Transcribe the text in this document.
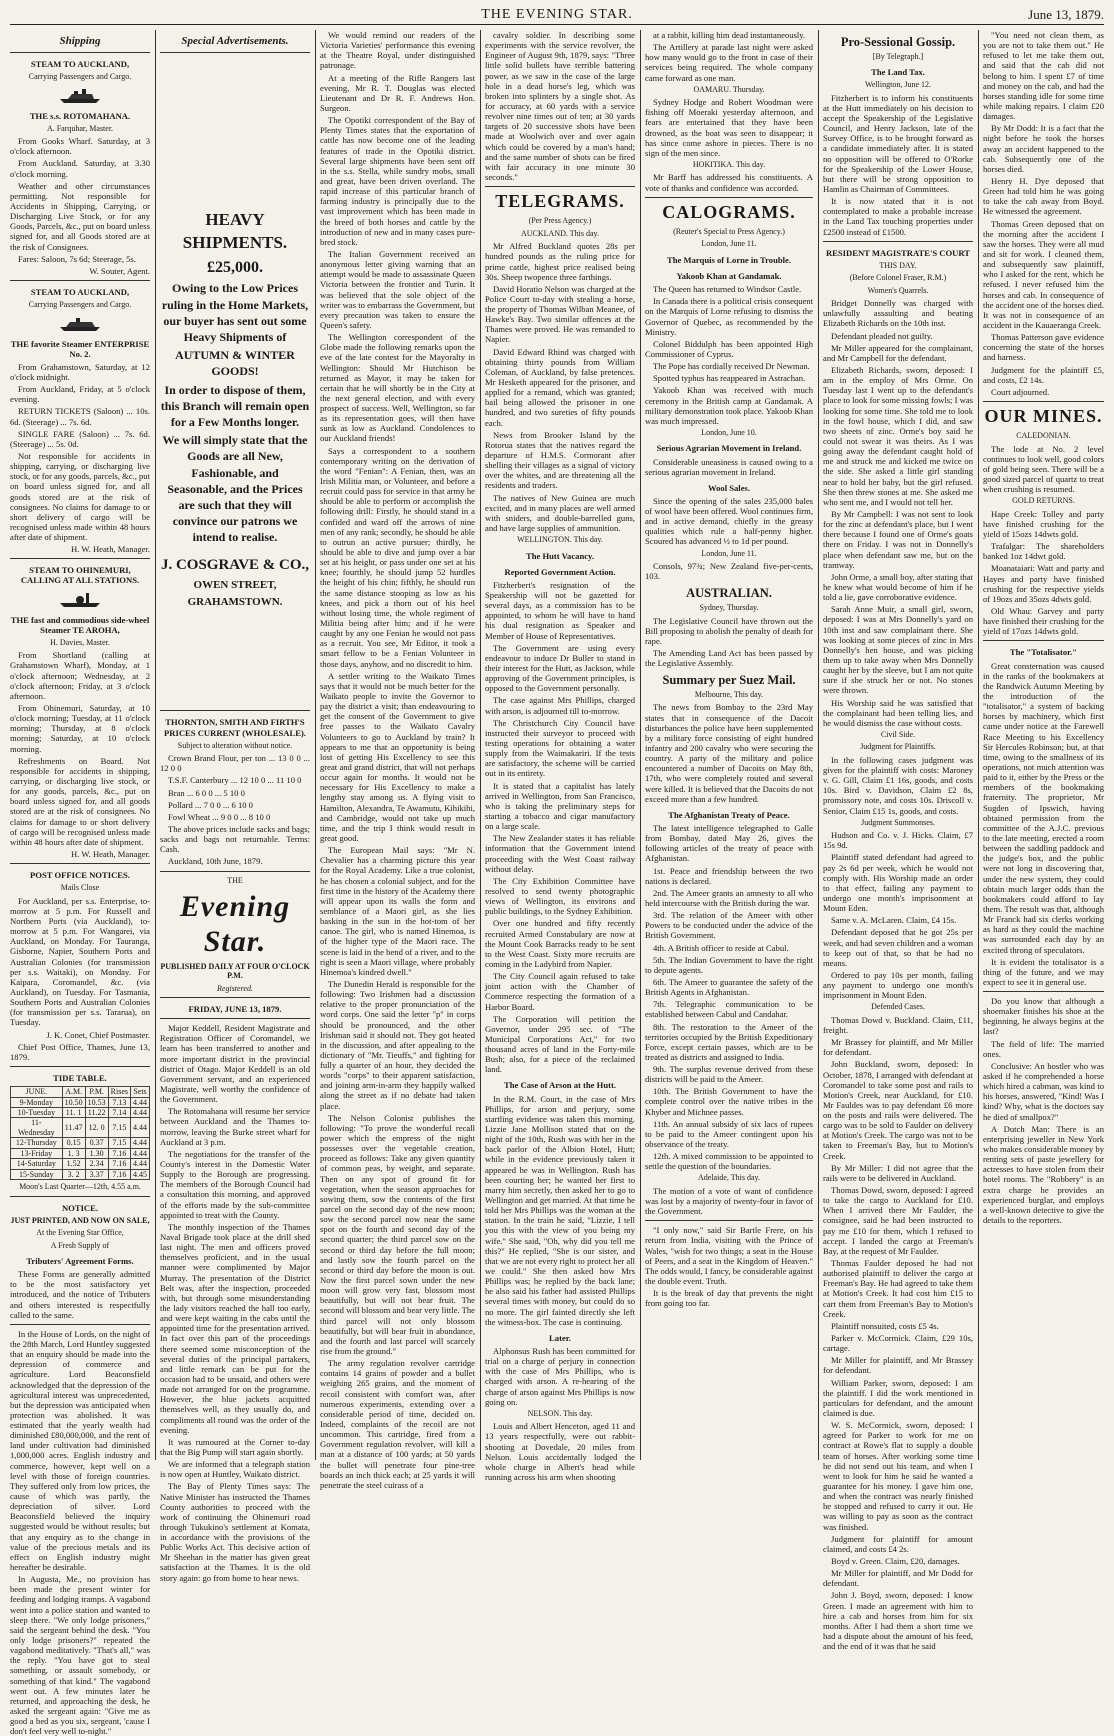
THE EVENING STAR.	June 13, 1879.

Shipping

STEAM TO AUCKLAND,

Carrying Passengers and Cargo.

THE s.s. ROTOMAHANA.

A. Farquhar, Master.

From Gooks Wharf. Saturday, at 3 o'clock afternoon.

From Auckland. Saturday, at 3.30 o'clock morning.

Weather and other circumstances permitting. Not responsible for Accidents in Shipping, Carrying, or Discharging Live Stock, or for any Goods, Parcels, &c., put on board unless signed for, and all Goods stored are at the risk of Consignees.

Fares: Saloon, 7s 6d; Steerage, 5s.

W. Souter, Agent.

STEAM TO AUCKLAND,

Carrying Passengers and Cargo.

THE favorite Steamer ENTERPRISE No. 2.

From Grahamstown, Saturday, at 12 o'clock midnight.

From Auckland, Friday, at 5 o'clock evening.

RETURN TICKETS (Saloon) ... 10s. 6d. (Steerage) ... 7s. 6d.

SINGLE FARE (Saloon) ... 7s. 6d. (Steerage) ... 5s. 0d.

Not responsible for accidents in shipping, carrying, or discharging live stock, or for any goods, parcels, &c., put on board unless signed for, and all goods stored are at the risk of consignees. No claims for damage to or short delivery of cargo will be recognised unless made within 48 hours after date of shipment.

H. W. Heath, Manager.

STEAM TO OHINEMURI, CALLING AT ALL STATIONS.

THE fast and commodious side-wheel Steamer TE AROHA,

H. Davies, Master.

From Shortland (calling at Grahamstown Wharf), Monday, at 1 o'clock afternoon; Wednesday, at 2 o'clock afternoon; Friday, at 3 o'clock afternoon.

From Ohinemuri, Saturday, at 10 o'clock morning; Tuesday, at 11 o'clock morning; Thursday, at 8 o'clock morning; Saturday, at 10 o'clock morning.

Refreshments on Board. Not responsible for accidents in shipping, carrying, or discharging live stock, or for any goods, parcels, &c., put on board unless signed for, and all goods stored are at the risk of consignees. No claims for damage to or short delivery of cargo will be recognised unless made within 48 hours after date of shipment.

H. W. Heath, Manager.

POST OFFICE NOTICES.

Mails Close

For Auckland, per s.s. Enterprise, to-morrow at 5 p.m. For Russell and Northern Ports (via Auckland), to-morrow at 5 p.m. For Wangarei, via Auckland, on Monday. For Tauranga, Gisborne, Napier, Southern Ports and Australian Colonies (for transmission per s.s. Waitaki), on Monday. For Kaipara, Coromandel, &c. (via Auckland), on Tuesday. For Tasmania, Southern Ports and Australian Colonies (for transmission per s.s. Tararua), on Tuesday.

J. K. Conet, Chief Postmaster.

Chief Post Office, Thames, June 13, 1879.

TIDE TABLE.

JUNE.	A.M.	P.M.	Rises	Sets
9-Monday	10.50	10.53	7.13	4.44
10-Tuesday	11. 1	11.22	7.14	4.44
11-Wednesday	11.47	12. 0	7.15	4.44
12-Thursday	0.15	0.37	7.15	4.44
13-Friday	1. 3	1.30	7.16	4.44
14-Saturday	1.52	2.34	7.16	4.44
15-Sunday	3. 2	3.37	7.16	4.45

Moon's Last Quarter—12th, 4.55 a.m.

NOTICE.

JUST PRINTED, AND NOW ON SALE,

At the Evening Star Office,

A Fresh Supply of

Tributers' Agreement Forms.

These Forms are generally admitted to be the most satisfactory yet introduced, and the notice of Tributers and others interested is respectfully called to the same.

In the House of Lords, on the night of the 28th March, Lord Huntley suggested that an enquiry should be made into the depression of commerce and agriculture. Lord Beaconsfield acknowledged that the depression of the agricultural interest was unprecedented, but the depression was anticipated when protection was abolished. It was estimated that the yearly wealth had diminished £80,000,000, and the rent of land under cultivation had diminished 1,000,000 acres. English industry and commerce, however, kept well on a level with those of foreign countries. They suffered only from low prices, the cause of which was partly, the depreciation of silver. Lord Beaconsfield believed the inquiry suggested would be without results; but that any enquiry as to the change in value of the precious metals and its effect on English industry might hereafter be desirable.

In Augusta, Me., no provision has been made the present winter for feeding and lodging tramps. A vagabond went into a police station and wanted to sleep there. "We only lodge prisoners," said the sergeant behind the desk. "You only lodge prisoners?" repeated the vagabond meditatively. "That's all," was the reply. "You have got to steal something, or assault somebody, or something of that kind." The vagabond went out. A few minutes later he returned, and approaching the desk, he asked the sergeant again: "Give me as good a bed as you six, sergeant, 'cause I don't feel very well to-night."

Special Advertisements.

HEAVY SHIPMENTS.

£25,000.

Owing to the Low Prices ruling in the Home Markets, our buyer has sent out some Heavy Shipments of

AUTUMN & WINTER GOODS!

In order to dispose of them, this Branch will remain open for a Few Months longer.

We will simply state that the Goods are all New, Fashionable, and Seasonable, and the Prices are such that they will convince our patrons we intend to realise.

J. COSGRAVE & CO.,

OWEN STREET,

GRAHAMSTOWN.

THORNTON, SMITH AND FIRTH'S PRICES CURRENT (WHOLESALE).

Subject to alteration without notice.

Crown Brand Flour, per ton ... 13 0 0 ... 12 0 0

T.S.F. Canterbury ... 12 10 0 ... 11 10 0

Bran ... 6 0 0 ... 5 10 0

Pollard ... 7 0 0 ... 6 10 0

Fowl Wheat ... 9 0 0 ... 8 10 0

The above prices include sacks and bags; sacks and bags not returnable. Terms: Cash.

Auckland, 10th June, 1879.

THE

Evening Star.

PUBLISHED DAILY AT FOUR O'CLOCK P.M.

Registered.

FRIDAY, JUNE 13, 1879.

Major Keddell, Resident Magistrate and Registration Officer of Coromandel, we learn has been transferred to another and more important district in the provincial district of Otago. Major Keddell is an old Government servant, and an experienced Magistrate, well worthy the confidence of the Government.

The Rotomahana will resume her service between Auckland and the Thames to-morrow, leaving the Burke street wharf for Auckland at 3 p.m.

The negotiations for the transfer of the County's interest in the Domestic Water Supply to the Borough are progressing. The members of the Borough Council had a consultation this morning, and approved of the efforts made by the sub-committee appointed to treat with the County.

The monthly inspection of the Thames Naval Brigade took place at the drill shed last night. The men and officers proved themselves proficient, and in the usual manner were complimented by Major Murray. The presentation of the District Belt was, after the inspection, proceeded with, but through some misunderstanding the lady visitors reached the hall too early, and were kept waiting in the cabs until the appointed time for the presentation arrived. In fact over this part of the proceedings there seemed some misconception of the several duties of the principal partakers, and little remark can be put for the occasion had to be unsaid, and others were made not arranged for on the programme. However, the blue jackets acquitted themselves well, as they usually do, and compliments all round was the order of the evening.

It was rumoured at the Corner to-day that the Big Pump will start again shortly.

We are informed that a telegraph station is now open at Huntley, Waikato district.

The Bay of Plenty Times says: The Native Minister has instructed the Thames County authorities to proceed with the work of continuing the Ohinemuri road through Tukukino's settlement at Komata, in accordance with the provisions of the Public Works Act. This decisive action of Mr Sheehan in the matter has given great satisfaction at the Thames. It is the old story again: go from home to hear news.

We would remind our readers of the Victoria Varieties' performance this evening at the Theatre Royal, under distinguished patronage.

At a meeting of the Rifle Rangers last evening, Mr R. T. Douglas was elected Lieutenant and Dr R. F. Andrews Hon. Surgeon.

The Opotiki correspondent of the Bay of Plenty Times states that the exportation of cattle has now become one of the leading features of trade in the Opotiki district. Several large shipments have been sent off in the s.s. Stella, while sundry mobs, small and great, have been driven overland. The rapid increase of this particular branch of farming industry is principally due to the vast improvement which has been made in the breed of both horses and cattle by the introduction of new and in many cases pure-bred stock.

The Italian Government received an anonymous letter giving warning that an attempt would be made to assassinate Queen Victoria between the frontier and Turin. It was believed that the sole object of the writer was to embarrass the Government, but every precaution was taken to ensure the Queen's safety.

The Wellington correspondent of the Globe made the following remarks upon the eve of the late contest for the Mayoralty in Wellington: Should Mr Hutchison be returned as Mayor, it may be taken for certain that he will shortly be in the City at the next general election, and with every prospect of success. Well, Wellington, so far as its representation goes, will then have sunk as low as Auckland. Condolences to our Auckland friends!

Says a correspondent to a southern contemporary writing on the derivation of the word "Fenian": A Fenian, then, was an Irish Militia man, or Volunteer, and before a recruit could pass for service in that army he should be able to perform or accomplish the following drill: Firstly, he should stand in a confided and ward off the arrows of nine men of any rank; secondly, he should be able to outrun an active pursuer; thirdly, he should be able to dive and jump over a bar set at his height, or pass under one set at his knee; fourthly, he should jump 52 hurdles the height of his chin; fifthly, he should run the same distance stooping as low as his knees, and pick a thorn out of his heel without losing time, the whole regiment of Militia being after him; and if he were caught by any one Fenian he would not pass as a recruit. You see, Mr Editor, it took a smart fellow to be a Fenian Volunteer in those days, anyhow, and no discredit to him.

A settler writing to the Waikato Times says that it would not be much better for the Waikato people to invite the Governor to pay the district a visit; than endeavouring to get the consent of the Government to give free passes to the Waikato Cavalry Volunteers to go to Auckland by train? It appears to me that an opportunity is being lost of getting His Excellency to see this great and grand district, that will not perhaps occur again for months. It would not be necessary for His Excellency to make a lengthy stay among us. A flying visit to Hamilton, Alexandra, Te Awamutu, Kihikihi, and Cambridge, would not take up much time, and the trip I think would result in great good.

The European Mail says: "Mr N. Chevalier has a charming picture this year for the Royal Academy. Like a true colonist, he has chosen a colonial subject, and for the first time in the history of the Academy there will appear upon its walls the form and semblance of a Maori girl, as she lies basking in the sun in the hot-tom of her canoe. The girl, who is named Hinemoa, is of the higher type of the Maori race. The scene is laid in the bend of a river, and to the right is seen a Maori village, where probably Hinemoa's kindred dwell."

The Dunedin Herald is responsible for the following: Two Irishmen had a discussion relative to the proper pronunciation of the word corps. One said the letter "p" in corps should be pronounced, and the other Irishman said it should not. They got heated in the discussion, and after appealing to the dictionary of "Mr. Tieuffs," and fighting for fully a quarter of an hour, they decided the words "corps" to their apparent satisfaction, and joining arm-in-arm they happily walked along the street as if no debate had taken place.

The Nelson Colonist publishes the following: "To prove the wonderful recall power which the empress of the night possesses over the vegetable creation, proceed as follows: Take any given quantity of common peas, by weight, and separate. Then on any spot of ground fit for vegetation, when the season approaches for sowing them, sow the contents of the first parcel on the second day of the new moon; sow the second parcel now near the same spot on the fourth and second day of the second quarter; the third parcel sow on the second or third day before the full moon; and lastly sow the fourth parcel on the second or third day before the moon is out. Now the first parcel sown under the new moon will grow very fast, blossom most beautifully, but will not bear fruit. The second will blossom and bear very little. The third parcel will not only blossom beautifully, but will bear fruit in abundance, and the fourth and last parcel will scarcely rise from the ground."

The army regulation revolver cartridge contains 14 grains of powder and a bullet weighing 265 grains, and the moment of recoil consistent with comfort was, after numerous experiments, extending over a considerable period of time, decided on. Indeed, complaints of the recoil are not uncommon. This cartridge, fired from a Government regulation revolver, will kill a man at a distance of 100 yards; at 50 yards the bullet will penetrate four pine-tree boards an inch thick each; at 25 yards it will penetrate the steel cuirass of a

cavalry soldier. In describing some experiments with the service revolver, the Engineer of August 9th, 1879, says: "Three little solid bullets have terrible battering power, as we saw in the case of the large hole in a dead horse's leg, which was broken into splinters by a single shot. As for accuracy, at 60 yards with a service revolver nine times out of ten; at 30 yards targets of 20 successive shots have been made at Woolwich over and over again which could be covered by a man's hand; and the same number of shots can be fired with fair accuracy in one minute 30 seconds."

TELEGRAMS.

(Per Press Agency.)

AUCKLAND. This day.

Mr Alfred Buckland quotes 28s per hundred pounds as the ruling price for prime cattle, highest price realised being 30s. Sheep twopence three farthings.

David Horatio Nelson was charged at the Police Court to-day with stealing a horse, the property of Thomas Wilban Meanee, of Hawke's Bay. Two similar offences at the Thames were proved. He was remanded to Napier.

David Edward Rhind was charged with obtaining thirty pounds from William Coleman, of Auckland, by false pretences. Mr Hesketh appeared for the prisoner, and applied for a remand, which was granted; bail being allowed the prisoner in one hundred, and two sureties of fifty pounds each.

News from Brooker Island by the Rotorua states that the natives regard the departure of H.M.S. Cormorant after shelling their villages as a signal of victory over the whites, and are threatening all the residents and traders.

The natives of New Guinea are much excited, and in many places are well armed with sniders, and double-barrelled guns, and have large supplies of ammunition.

WELLINGTON. This day.

The Hutt Vacancy.

Reported Government Action.

Fitzherbert's resignation of the Speakership will not be gazetted for several days, as a commission has to be appointed, to whom he will have to hand his dual resignation as Speaker and Member of House of Representatives.

The Government are using every endeavour to induce Dr Buller to stand in their interest for the Hutt, as Jackson, while approving of the Government principles, is opposed to the Government personally.

The case against Mrs Phillips, charged with arson, is adjourned till to-morrow.

The Christchurch City Council have instructed their surveyor to proceed with testing operations for obtaining a water supply from the Waimakariri. If the tests are satisfactory, the scheme will be carried out in its entirety.

It is stated that a capitalist has lately arrived in Wellington, from San Francisco, who is taking the preliminary steps for starting a tobacco and cigar manufactory on a large scale.

The New Zealander states it has reliable information that the Government intend proceeding with the West Coast railway without delay.

The City Exhibition Committee have resolved to send twenty photographic views of Wellington, its environs and public buildings, to the Sydney Exhibition.

Over one hundred and fifty recently recruited Armed Constabulary are now at the Mount Cook Barracks ready to be sent to the West Coast. Sixty more recruits are coming in the Ladybird from Napier.

The City Council again refused to take joint action with the Chamber of Commerce respecting the formation of a Harbor Board.

The Corporation will petition the Governor, under 295 sec. of "The Municipal Corporations Act," for two thousand acres of land in the Forty-mile Bush; also, for a piece of the reclaimed land.

The Case of Arson at the Hutt.

In the R.M. Court, in the case of Mrs Phillips, for arson and perjury, some startling evidence was taken this morning. Lizzie Jane Mollison stated that on the night of the 10th, Rush was with her in the back parlor of the Albion Hotel, Hutt; while in the evidence previously taken it appeared he was in Wellington. Rush has been courting her; he wanted her first to marry him secretly, then asked her to go to Wellington and get married. At that time he told her Mrs Phillips was the woman at the station. In the train he said, "Lizzie, I tell you this with the view of you being my wife." She said, "Oh, why did you tell me this?" He replied, "She is our sister, and that we are not every right to protect her all we could." She then asked how Mrs Phillips was; he replied by the back lane; he also said his father had assisted Phillips several times with money, but could do so no more. The girl fainted directly she left the witness-box. The case is continuing.

Later.

Alphonsus Rush has been committed for trial on a charge of perjury in connection with the case of Mrs Phillips, who is charged with arson. A re-hearing of the charge of arson against Mrs Phillips is now going on.

NELSON. This day.

Louis and Albert Henceton, aged 11 and 13 years respectfully, were out rabbit-shooting at Dovedale, 20 miles from Nelson. Louis accidentally lodged the whole charge in Albert's head while running across his arm when shooting

at a rabbit, killing him dead instantaneously.

The Artillery at parade last night were asked how many would go to the front in case of their services being required. The whole company came forward as one man.

OAMARU. Thursday.

Sydney Hodge and Robert Woodman were fishing off Moeraki yesterday afternoon, and fears are entertained that they have been drowned, as the boat was seen to disappear; it has since come ashore in pieces. There is no sign of the men since.

HOKITIKA. This day.

Mr Barff has addressed his constituents. A vote of thanks and confidence was accorded.

CALOGRAMS.

(Reuter's Special to Press Agency.)

London, June 11.

The Marquis of Lorne in Trouble.

Yakoob Khan at Gandamak.

The Queen has returned to Windsor Castle.

In Canada there is a political crisis consequent on the Marquis of Lorne refusing to dismiss the Governor of Quebec, as recommended by the Ministry.

Colonel Biddulph has been appointed High Commissioner of Cyprus.

The Pope has cordially received Dr Newman.

Spotted typhus has reappeared in Astrachan.

Yakoob Khan was received with much ceremony in the British camp at Gandamak. A military demonstration took place. Yakoob Khan was much impressed.

London, June 10.

Serious Agrarian Movement in Ireland.

Considerable uneasiness is caused owing to a serious agrarian movement in Ireland.

Wool Sales.

Since the opening of the sales 235,000 bales of wool have been offered. Wool continues firm, and in active demand, chiefly in the greasy qualities which rule a half-penny higher. Scoured has advanced ½ to 1d per pound.

London, June 11.

Consols, 97¾; New Zealand five-per-cents, 103.

AUSTRALIAN.

Sydney, Thursday.

The Legislative Council have thrown out the Bill proposing to abolish the penalty of death for rape.

The Amending Land Act has been passed by the Legislative Assembly.

Summary per Suez Mail.

Melbourne, This day.

The news from Bombay to the 23rd May states that in consequence of the Dacoit disturbances the police have been supplemented by a military force consisting of eight hundred infantry and 200 cavalry who were securing the country. A party of the military and police encountered a number of Dacoits on May 8th, 17th, who were completely routed and several were killed. It is believed that the Dacoits do not exceed more than a few hundred.

The Afghanistan Treaty of Peace.

The latest intelligence telegraphed to Galle from Bombay, dated May 26, gives the following articles of the treaty of peace with Afghanistan.

1st. Peace and friendship between the two nations is declared.

2nd. The Ameer grants an amnesty to all who held intercourse with the British during the war.

3rd. The relation of the Ameer with other Powers to be conducted under the advice of the British Government.

4th. A British officer to reside at Cabul.

5th. The Indian Government to have the right to depute agents.

6th. The Ameer to guarantee the safety of the British Agents in Afghanistan.

7th. Telegraphic communication to be established between Cabul and Candahar.

8th. The restoration to the Ameer of the territories occupied by the British Expeditionary Force, except certain passes, which are to be treated as districts and assigned to India.

9th. The surplus revenue derived from these districts will be paid to the Ameer.

10th. The British Government to have the complete control over the native tribes in the Khyber and Michnee passes.

11th. An annual subsidy of six lacs of rupees to be paid to the Ameer contingent upon his observance of the treaty.

12th. A mixed commission to be appointed to settle the question of the boundaries.

Adelaide, This day.

The motion of a vote of want of confidence was lost by a majority of twenty-four in favor of the Government.

"I only now," said Sir Bartle Frere, on his return from India, visiting with the Prince of Wales, "wish for two things; a seat in the House of Peers, and a seat in the Kingdom of Heaven." The odds would, I fancy, be considerable against the double event. Truth.

It is the break of day that prevents the night from going too far.

Pro-Sessional Gossip.

[By Telegraph.]

The Land Tax.

Wellington, June 12.

Fitzherbert is to inform his constituents at the Hutt immediately on his decision to accept the Speakership of the Legislative Council, and Henry Jackson, late of the Survey Office, is to be brought forward as a candidate immediately after. It is stated no opposition will be offered to O'Rorke for the Speakership of the Lower House, but there will be strong opposition to Hamlin as Chairman of Committees.

It is now stated that it is not contemplated to make a probable increase in the Land Tax touching properties under £2500 instead of £1500.

RESIDENT MAGISTRATE'S COURT

THIS DAY.

(Before Colonel Fraser, R.M.)

Women's Quarrels.

Bridget Donnelly was charged with unlawfully assaulting and beating Elizabeth Richards on the 10th inst.

Defendant pleaded not guilty.

Mr Miller appeared for the complainant, and Mr Campbell for the defendant.

Elizabeth Richards, sworn, deposed: I am in the employ of Mrs Orme. On Tuesday last I went up to the defendant's place to look for some missing fowls; I was looking for some time. She told me to look in the fowl house, which I did, and saw two sheets of zinc. Orme's boy said he could not swear it was theirs. As I was going away the defendant caught hold of me and struck me and kicked me twice on the side. She asked a little girl standing near to hold her baby, but the girl refused. She then threw stones at me. She asked me who sent me, and I would not tell her.

By Mr Campbell: I was not sent to look for the zinc at defendant's place, but I went there because I found one of Orme's goats there on Friday. I was not in Donnelly's place when defendant saw me, but on the tramway.

John Orme, a small boy, after stating that he knew what would become of him if he told a lie, gave corroborative evidence.

Sarah Anne Muir, a small girl, sworn, deposed: I was at Mrs Donnelly's yard on 10th inst and saw complainant there. She was looking at some pieces of zinc in Mrs Donnelly's hen house, and was picking them up to take away when Mrs Donnelly caught her by the sleeve, but I am not quite sure if she struck her or not. No stones were thrown.

His Worship said he was satisfied that the complainant had been telling lies, and he would dismiss the case without costs.

Civil Side.

Judgment for Plaintiffs.

In the following cases judgment was given for the plaintiff with costs: Maroney v. G. Gill, Claim £1 16s, goods, and costs 10s. Bird v. Davidson, Claim £2 8s, promissory note, and costs 10s. Driscoll v. Senior, Claim £15 1s, goods, and costs.

Judgment Summonses.

Hudson and Co. v. J. Hicks. Claim, £7 15s 9d.

Plaintiff stated defendant had agreed to pay 2s 6d per week, which he would not comply with. His Worship made an order to that effect, failing any payment to undergo one month's imprisonment at Mount Eden.

Same v. A. McLaren. Claim, £4 15s.

Defendant deposed that he got 25s per week, and had seven children and a woman to keep out of that, so that he had no means.

Ordered to pay 10s per month, failing any payment to undergo one month's imprisonment in Mount Eden.

Defended Cases.

Thomas Dowd v. Buckland. Claim, £11, freight.

Mr Brassey for plaintiff, and Mr Miller for defendant.

John Buckland, sworn, deposed: In October, 1878, I arranged with defendant at Coromandel to take some post and rails to Motion's Creek, near Auckland, for £10. Mr Fauldes was to pay defendant £6 more on the posts and rails were delivered. The cargo was to be sold to Faulder on delivery at Motion's Creek. The cargo was not to be taken to Freeman's Bay, but to Motion's Creek.

By Mr Miller: I did not agree that the rails were to be delivered in Auckland.

Thomas Dowd, sworn, deposed: I agreed to take the cargo to Auckland for £10. When I arrived there Mr Faulder, the consignee, said he had been instructed to pay me £10 for them, which I refused to accept. I landed the cargo at Freeman's Bay, at the request of Mr Faulder.

Thomas Faulder deposed he had not authorised plaintiff to deliver the cargo at Freeman's Bay. He had agreed to take them at Motion's Creek. It had cost him £15 to cart them from Freeman's Bay to Motion's Creek.

Plaintiff nonsuited, costs £5 4s.

Parker v. McCormick. Claim, £29 10s, cartage.

Mr Miller for plaintiff, and Mr Brassey for defendant.

William Parker, sworn, deposed: I am the plaintiff. I did the work mentioned in particulars for defendant, and the amount claimed is due.

W. S. McCormick, sworn, deposed: I agreed for Parker to work for me on contract at Rowe's flat to supply a double team of horses. After working some time he did not send out his team, and when I went to look for him he said he wanted a guarantee for his money. I gave him one, and when the contract was nearly finished he stopped and refused to carry it out. He was willing to pay as soon as the contract was finished.

Judgment for plaintiff for amount claimed, and costs £4 2s.

Boyd v. Green. Claim, £20, damages.

Mr Miller for plaintiff, and Mr Dodd for defendant.

John J. Boyd, sworn, deposed: I know Green. I made an agreement with him to hire a cab and horses from him for six months. After I had them a short time we had a dispute about the amount of his feed, and the end of it was that he said

"You need not clean them, as you are not to take them out." He refused to let me take them out, and said that the cab did not belong to him. I spent £7 of time and money on the cab, and had the horses standing idle for some time while making repairs. I claim £20 damages.

By Mr Dodd: It is a fact that the night before he took the horses away an accident happened to the cab. Subsequently one of the horses died.

Henry H. Dye deposed that Green had told him he was going to take the cab away from Boyd. He witnessed the agreement.

Thomas Green deposed that on the morning after the accident I saw the horses. They were all mud and sit for work. I cleaned them, and subsequently saw plaintiff, who I asked for the rent, which he refused. I never refused him the horses and cab. In consequence of the accident one of the horses died. It was not in consequence of an accident in the Kauaeranga Creek.

Thomas Patterson gave evidence concerning the state of the horses and harness.

Judgment for the plaintiff £5, and costs, £2 14s.

Court adjourned.

OUR MINES.

CALEDONIAN.

The lode at No. 2 level continues to look well, good colors of gold being seen. There will be a good sized parcel of quartz to treat when crushing is resumed.

GOLD RETURNS.

Hape Creek: Tolley and party have finished crushing for the yield of 15ozs 14dwts gold.

Trafalgar: The shareholders banked 1oz 14dwt gold.

Moanataiari: Watt and party and Hayes and party have finished crushing for the respective yields of 19ozs and 35ozs 4dwts gold.

Old Whau: Garvey and party have finished their crushing for the yield of 17ozs 14dwts gold.

The "Totalisator."

Great consternation was caused in the ranks of the bookmakers at the Randwick Autumn Meeting by the introduction of the "totalisator," a system of backing horses by machinery, which first came under notice at the Farewell Race Meeting to his Excellency Sir Hercules Robinson; but, at that time, owing to the smallness of its operations, not much attention was paid to it, either by the Press or the members of the bookmaking fraternity. The proprietor, Mr Sugden of Ipswich, having obtained permission from the committee of the A.J.C. previous to the late meeting, erected a room between the saddling paddock and the judge's box, and the public were not long in discovering that, under the new system, they could obtain much larger odds than the bookmakers could afford to lay them. The result was that, although Mr Franck had six clerks working as hard as they could the machine was surrounded each day by an excited throng of speculators.

It is evident the totalisator is a thing of the future, and we may expect to see it in general use.

Do you know that although a shoemaker finishes his shoe at the beginning, he always begins at the last?

The field of life: The married ones.

Conclusive: An hostler who was asked if he comprehended a horse which hired a cabman, was kind to his horses, answered, "Kind! Was I kind? Why, what is the doctors say he died of smallpox?"

A Dutch Man: There is an enterprising jeweller in New York who makes considerable money by renting sets of paste jewellery for actresses to have stolen from their hotel rooms. The "Robbery" is an extra charge he provides an experienced burglar, and employs a well-known detective to give the details to the reporters.
